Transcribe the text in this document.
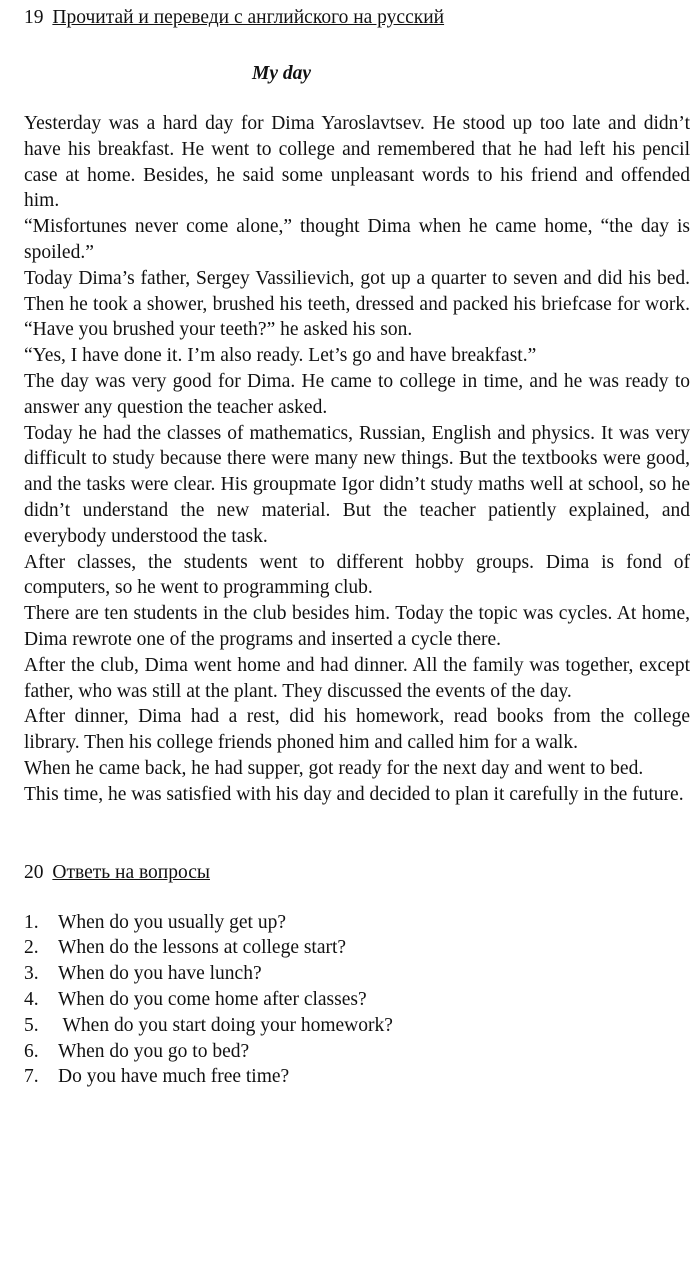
19 Прочитай и переведи с английского на русский
My day

Yesterday was a hard day for Dima Yaroslavtsev. He stood up too late and didn’t have his breakfast. He went to college and remembered that he had left his pencil case at home. Besides, he said some unpleasant words to his friend and offended him.

“Misfortunes never come alone,” thought Dima when he came home, “the day is spoiled.”

Today Dima’s father, Sergey Vassilievich, got up a quarter to seven and did his bed. Then he took a shower, brushed his teeth, dressed and packed his briefcase for work. “Have you brushed your teeth?” he asked his son.

“Yes, I have done it. I’m also ready. Let’s go and have breakfast.”

The day was very good for Dima. He came to college in time, and he was ready to answer any question the teacher asked.

Today he had the classes of mathematics, Russian, English and physics. It was very difficult to study because there were many new things. But the textbooks were good, and the tasks were clear. His groupmate Igor didn’t study maths well at school, so he didn’t understand the new material. But the teacher patiently explained, and everybody understood the task.

After classes, the students went to different hobby groups. Dima is fond of computers, so he went to programming club.

There are ten students in the club besides him. Today the topic was cycles. At home, Dima rewrote one of the programs and inserted a cycle there.

After the club, Dima went home and had dinner. All the family was together, except father, who was still at the plant. They discussed the events of the day.

After dinner, Dima had a rest, did his homework, read books from the college library. Then his college friends phoned him and called him for a walk.

When he came back, he had supper, got ready for the next day and went to bed.

This time, he was satisfied with his day and decided to plan it carefully in the future.

20 Ответь на вопросы
1. When do you usually get up?
2. When do the lessons at college start?
3. When do you have lunch?
4. When do you come home after classes?
5. When do you start doing your homework?
6. When do you go to bed?
7. Do you have much free time?
